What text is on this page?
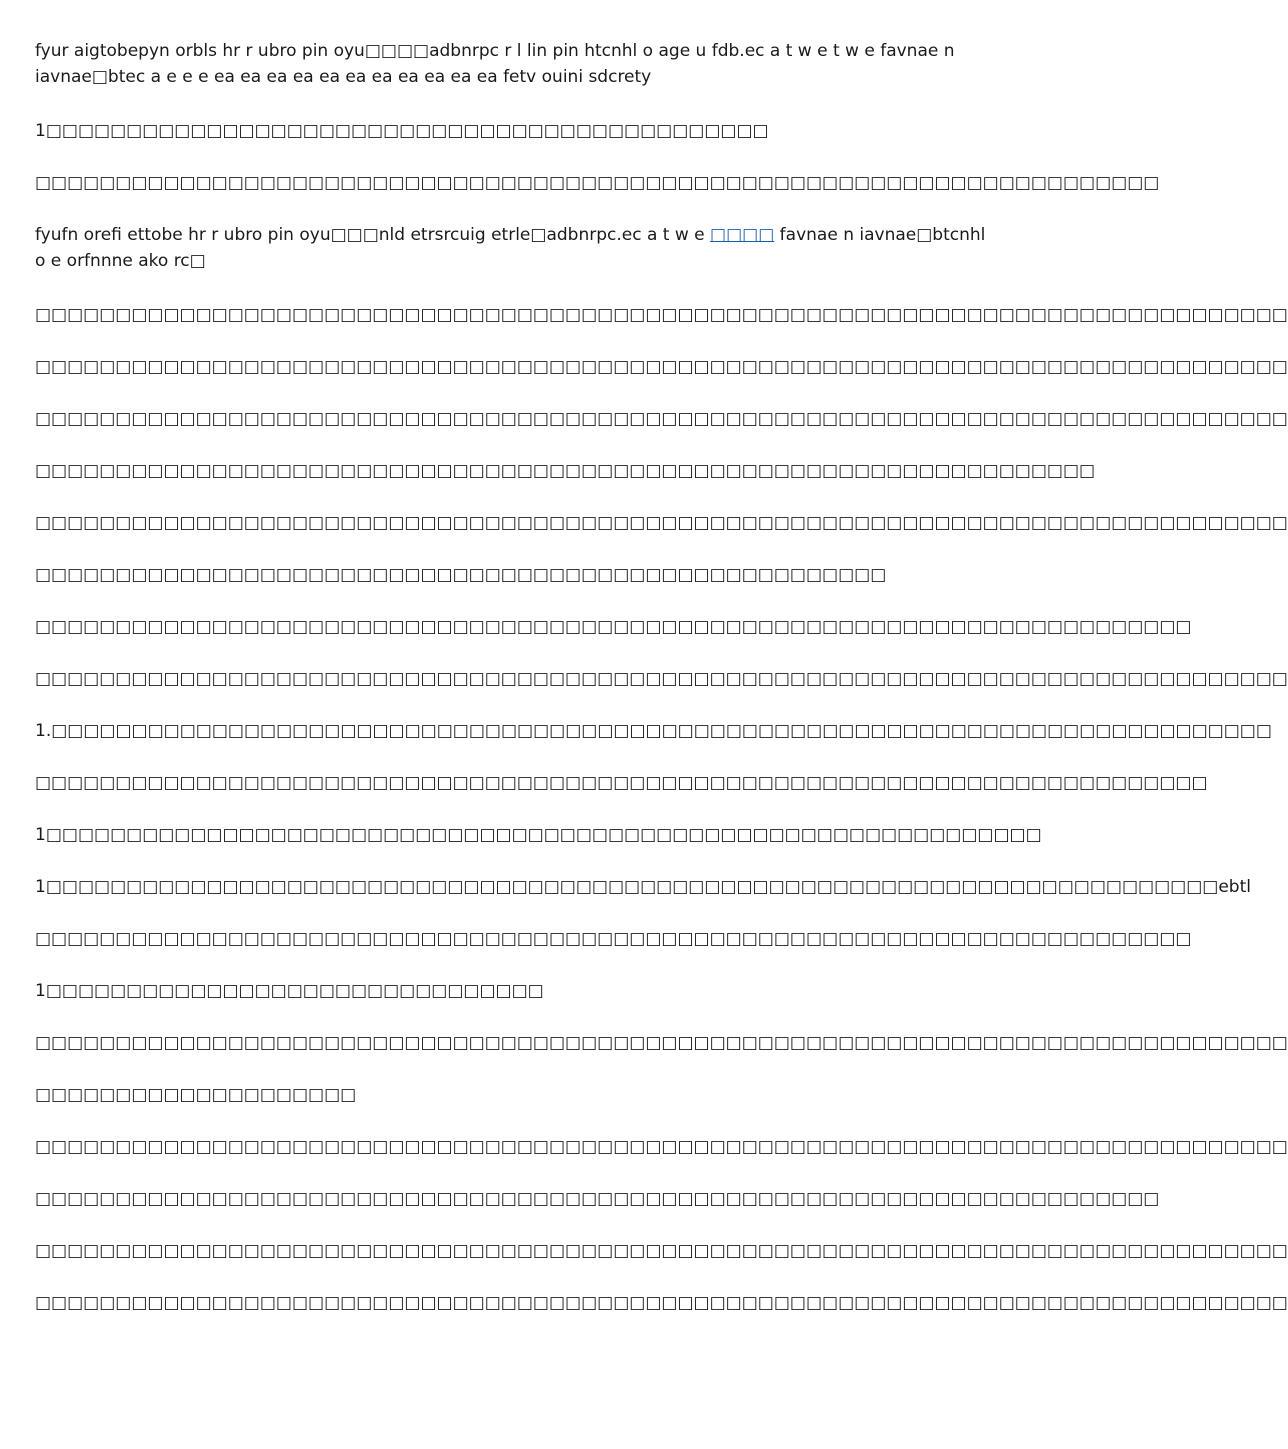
fyur aigtobepyn orbls hr r ubro pin oyu□□□□adbnrpc r l lin pin htcnhl o age u fdb.ec a t w e t w e favnae n iavnae□btec a e e e ea ea ea ea ea ea ea ea ea ea ea fetv ouini sdcrety

1□□□□□□□□□□□□□□□□□□□□□□□□□□□□□□□□□□□□□□□□□□□□□

□□□□□□□□□□□□□□□□□□□□□□□□□□□□□□□□□□□□□□□□□□□□□□□□□□□□□□□□□□□□□□□□□□□□□□

fyufn orefi ettobe hr r ubro pin oyu□□□nld etrsrcuig etrle□adbnrpc.ec a t w e □□□□ favnae n iavnae□btcnhl o e orfnnne ako rc□

□□□□□□□□□□□□□□□□□□□□□□□□□□□□□□□□□□□□□□□□□□□□□□□□□□□□□□□□□□□□□□□□□□□□□□□□□□□□□□

□□□□□□□□□□□□□□□□□□□□□□□□□□□□□□□□□□□□□□□□□□□□□□□□□□□□□□□□□□□□□□□□□□□□□□□□□□□□□□

□□□□□□□□□□□□□□□□□□□□□□□□□□□□□□□□□□□□□□□□□□□□□□□□□□□□□□□□□□□□□□□□□□□□□□□□□□□□□□

□□□□□□□□□□□□□□□□□□□□□□□□□□□□□□□□□□□□□□□□□□□□□□□□□□□□□□□□□□□□□□□□□□

□□□□□□□□□□□□□□□□□□□□□□□□□□□□□□□□□□□□□□□□□□□□□□□□□□□□□□□□□□□□□□□□□□□□□□□□□□□□□□

□□□□□□□□□□□□□□□□□□□□□□□□□□□□□□□□□□□□□□□□□□□□□□□□□□□□□

□□□□□□□□□□□□□□□□□□□□□□□□□□□□□□□□□□□□□□□□□□□□□□□□□□□□□□□□□□□□□□□□□□□□□□□□

□□□□□□□□□□□□□□□□□□□□□□□□□□□□□□□□□□□□□□□□□□□□□□□□□□□□□□□□□□□□□□□□□□□□□□□□□□□□□□

1.□□□□□□□□□□□□□□□□□□□□□□□□□□□□□□□□□□□□□□□□□□□□□□□□□□□□□□□□□□□□□□□□□□□□□□□□□□□□

□□□□□□□□□□□□□□□□□□□□□□□□□□□□□□□□□□□□□□□□□□□□□□□□□□□□□□□□□□□□□□□□□□□□□□□□□

1□□□□□□□□□□□□□□□□□□□□□□□□□□□□□□□□□□□□□□□□□□□□□□□□□□□□□□□□□□□□□□

1□□□□□□□□□□□□□□□□□□□□□□□□□□□□□□□□□□□□□□□□□□□□□□□□□□□□□□□□□□□□□□□□□□□□□□□□□ebtl

□□□□□□□□□□□□□□□□□□□□□□□□□□□□□□□□□□□□□□□□□□□□□□□□□□□□□□□□□□□□□□□□□□□□□□□□

1□□□□□□□□□□□□□□□□□□□□□□□□□□□□□□□

□□□□□□□□□□□□□□□□□□□□□□□□□□□□□□□□□□□□□□□□□□□□□□□□□□□□□□□□□□□□□□□□□□□□□□□□□□□□□□

□□□□□□□□□□□□□□□□□□□□

□□□□□□□□□□□□□□□□□□□□□□□□□□□□□□□□□□□□□□□□□□□□□□□□□□□□□□□□□□□□□□□□□□□□□□□□□□□□□□

□□□□□□□□□□□□□□□□□□□□□□□□□□□□□□□□□□□□□□□□□□□□□□□□□□□□□□□□□□□□□□□□□□□□□□

□□□□□□□□□□□□□□□□□□□□□□□□□□□□□□□□□□□□□□□□□□□□□□□□□□□□□□□□□□□□□□□□□□□□□□□□□□□□□□

□□□□□□□□□□□□□□□□□□□□□□□□□□□□□□□□□□□□□□□□□□□□□□□□□□□□□□□□□□□□□□□□□□□□□□□□□□□□□□
